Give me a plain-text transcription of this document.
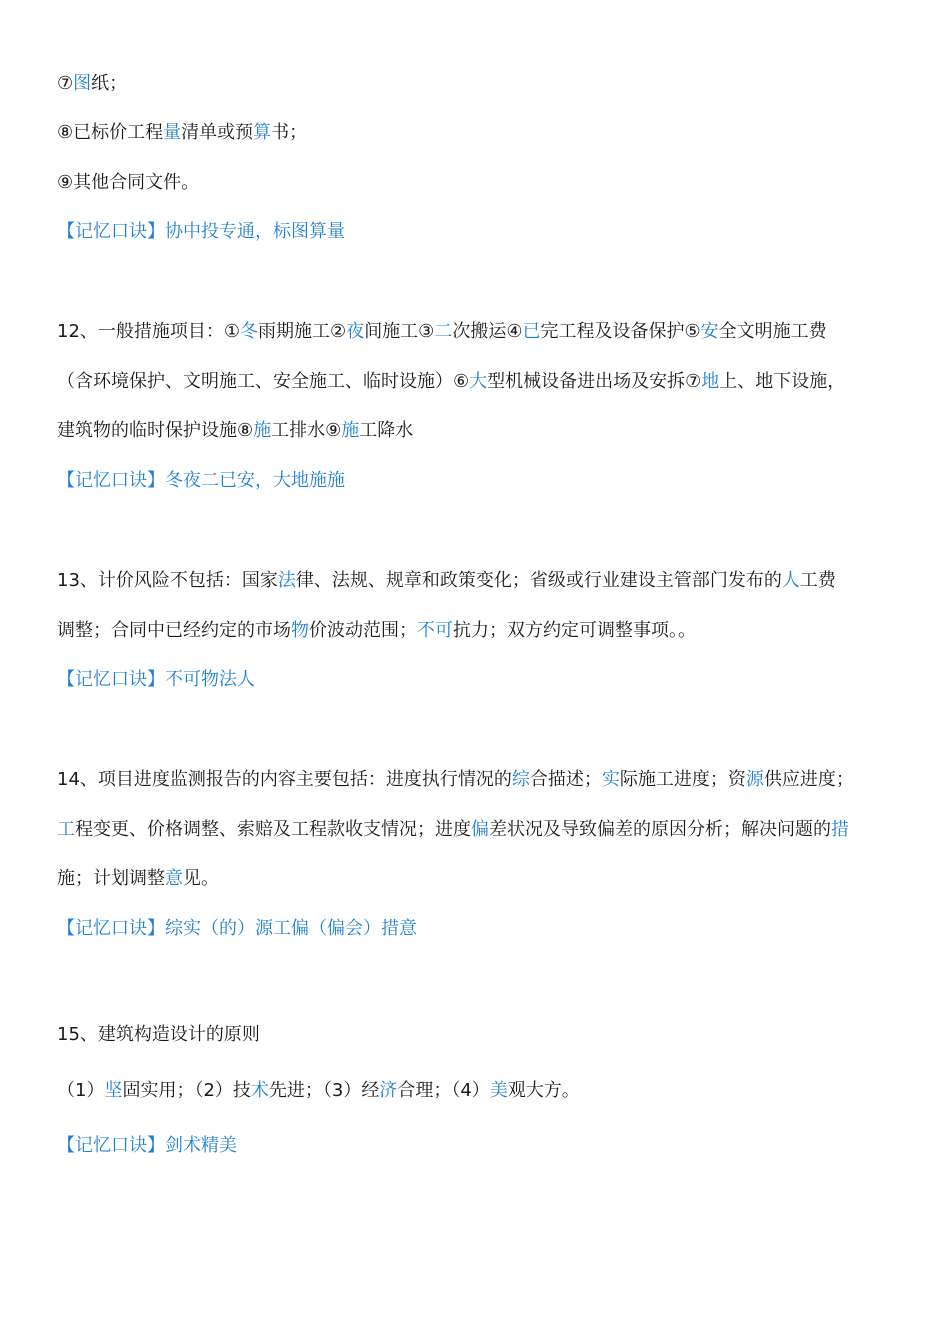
⑦图纸；
⑧已标价工程量清单或预算书；
⑨其他合同文件。
【记忆口诀】协中投专通，标图算量
12、一般措施项目：①冬雨期施工②夜间施工③二次搬运④已完工程及设备保护⑤安全文明施工费
（含环境保护、文明施工、安全施工、临时设施）⑥大型机械设备进出场及安拆⑦地上、地下设施，
建筑物的临时保护设施⑧施工排水⑨施工降水
【记忆口诀】冬夜二已安，大地施施
13、计价风险不包括：国家法律、法规、规章和政策变化；省级或行业建设主管部门发布的人工费
调整；合同中已经约定的市场物价波动范围；不可抗力；双方约定可调整事项。。
【记忆口诀】不可物法人
14、项目进度监测报告的内容主要包括：进度执行情况的综合描述；实际施工进度；资源供应进度；
工程变更、价格调整、索赔及工程款收支情况；进度偏差状况及导致偏差的原因分析；解决问题的措
施；计划调整意见。
【记忆口诀】综实（的）源工偏（偏会）措意
15、建筑构造设计的原则
（1）坚固实用；（2）技术先进；（3）经济合理；（4）美观大方。
【记忆口诀】剑术精美
